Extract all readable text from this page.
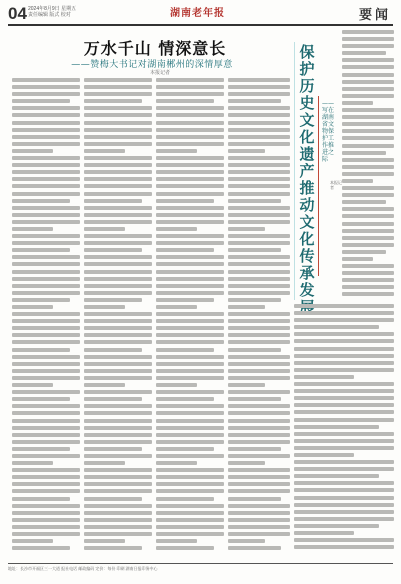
04 2024年8月9日 星期五
责任编辑 版式 校对	湖南老年报	要闻
万水千山 情深意长
——赞梅大书记对湖南郴州的深情厚意
本报记者
保护历史文化遗产 推动文化传承发
——写在湖南省文物保护工作推进之际
本报记者
地址：长沙市开福区三一大道 报社电话 邮政编码 定价：每份 印刷 湖南日报印务中心
